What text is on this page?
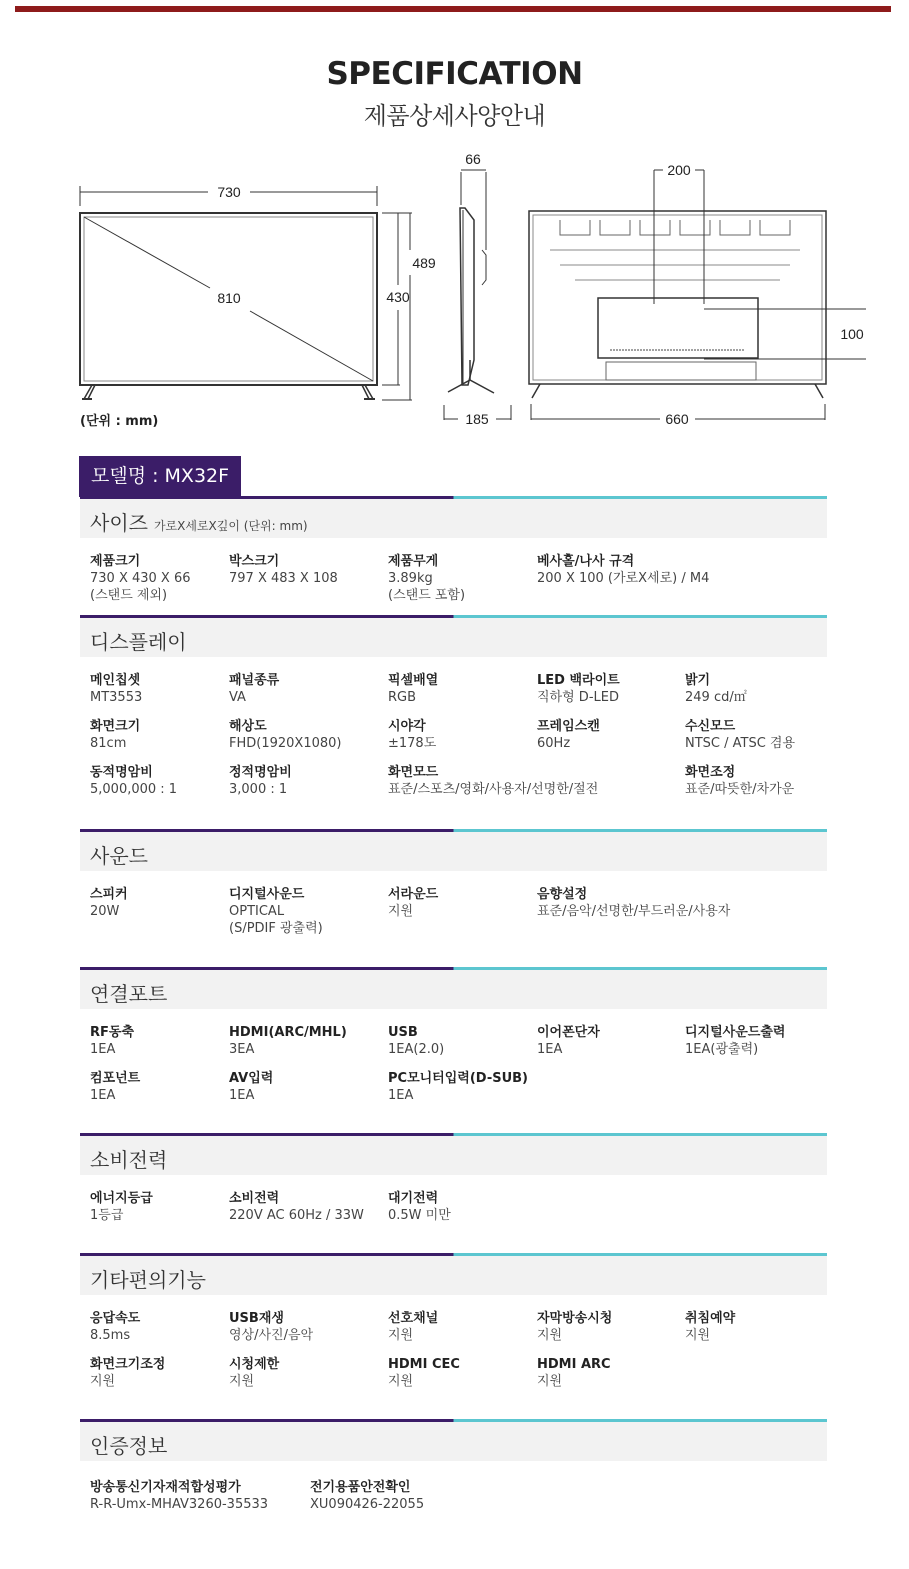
SPECIFICATION
제품상세사양안내
730
810	430
489
66
185
200
100
660
(단위 : mm)
모델명 : MX32F
사이즈 가로X세로X깊이 (단위: mm)
제품크기
730 X 430 X 66
(스탠드 제외)
박스크기
797 X 483 X 108
제품무게
3.89kg
(스탠드 포함)
베사홀/나사 규격
200 X 100 (가로X세로) / M4
디스플레이
메인칩셋
MT3553
패널종류
VA
픽셀배열
RGB
LED 백라이트
직하형 D-LED
밝기
249 cd/㎡
화면크기
81cm
해상도
FHD(1920X1080)
시야각
±178도
프레임스캔
60Hz
수신모드
NTSC / ATSC 겸용
동적명암비
5,000,000 : 1
정적명암비
3,000 : 1
화면모드
표준/스포츠/영화/사용자/선명한/절전
화면조정
표준/따뜻한/차가운
사운드
스피커
20W
디지털사운드
OPTICAL
(S/PDIF 광출력)
서라운드
지원
음향설정
표준/음악/선명한/부드러운/사용자
연결포트
RF동축
1EA
HDMI(ARC/MHL)
3EA
USB
1EA(2.0)
이어폰단자
1EA
디지털사운드출력
1EA(광출력)
컴포넌트
1EA
AV입력
1EA
PC모니터입력(D-SUB)
1EA
소비전력
에너지등급
1등급
소비전력
220V AC 60Hz / 33W
대기전력
0.5W 미만
기타편의기능
응답속도
8.5ms
USB재생
영상/사진/음악
선호채널
지원
자막방송시청
지원
취침예약
지원
화면크기조정
지원
시청제한
지원
HDMI CEC
지원
HDMI ARC
지원
인증정보
방송통신기자재적합성평가
R-R-Umx-MHAV3260-35533
전기용품안전확인
XU090426-22055
